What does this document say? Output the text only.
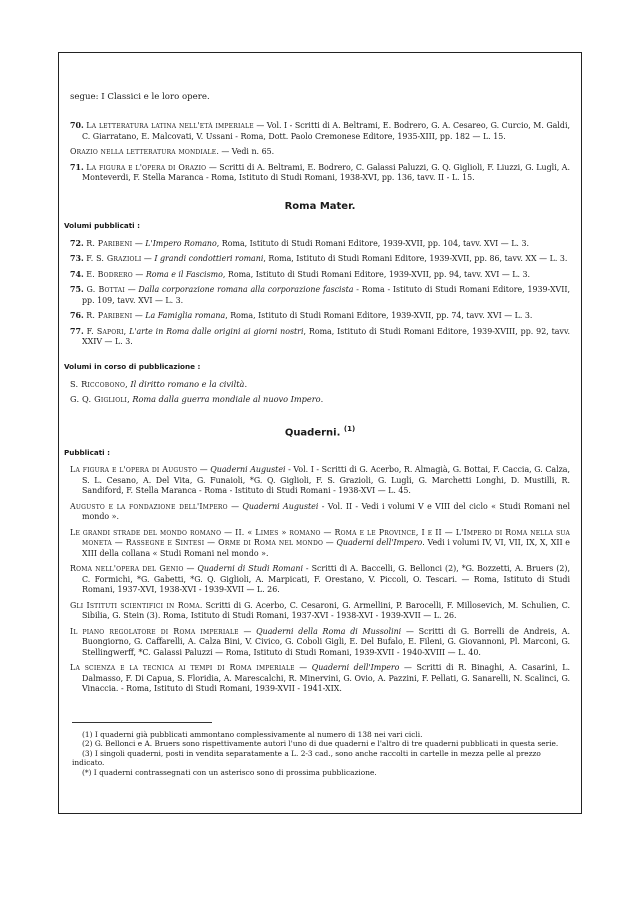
segue: I Classici e le loro opere.
70. La letteratura latina nell'età imperiale — Vol. I - Scritti di A. Beltrami, E. Bodrero, G. A. Cesareo, G. Curcio, M. Galdi, C. Giarratano, E. Malcovati, V. Ussani - Roma, Dott. Paolo Cremonese Editore, 1935-XIII, pp. 182 — L. 15.
Orazio nella letteratura mondiale. — Vedi n. 65.
71. La figura e l'opera di Orazio — Scritti di A. Beltrami, E. Bodrero, C. Galassi Paluzzi, G. Q. Giglioli, F. Liuzzi, G. Lugli, A. Monteverdi, F. Stella Maranca - Roma, Istituto di Studi Romani, 1938-XVI, pp. 136, tavv. II - L. 15.
Roma Mater.
Volumi pubblicati :
72. R. Paribeni — L'Impero Romano, Roma, Istituto di Studi Romani Editore, 1939-XVII, pp. 104, tavv. XVI — L. 3.
73. F. S. Grazioli — I grandi condottieri romani, Roma, Istituto di Studi Romani Editore, 1939-XVII, pp. 86, tavv. XX — L. 3.
74. E. Bodrero — Roma e il Fascismo, Roma, Istituto di Studi Romani Editore, 1939-XVII, pp. 94, tavv. XVI — L. 3.
75. G. Bottai — Dalla corporazione romana alla corporazione fascista - Roma - Istituto di Studi Romani Editore, 1939-XVII, pp. 109, tavv. XVI — L. 3.
76. R. Paribeni — La Famiglia romana, Roma, Istituto di Studi Romani Editore, 1939-XVII, pp. 74, tavv. XVI — L. 3.
77. F. Sapori, L'arte in Roma dalle origini ai giorni nostri, Roma, Istituto di Studi Romani Editore, 1939-XVIII, pp. 92, tavv. XXIV — L. 3.
Volumi in corso di pubblicazione :
S. Riccobono, Il diritto romano e la civiltà.
G. Q. Giglioli, Roma dalla guerra mondiale al nuovo Impero.
Quaderni. $^{(1)}$
Pubblicati :
La figura e l'opera di Augusto — Quaderni Augustei - Vol. I - Scritti di G. Acerbo, R. Almagià, G. Bottai, F. Caccia, G. Calza, S. L. Cesano, A. Del Vita, G. Funaioli, *G. Q. Giglioli, F. S. Grazioli, G. Lugli, G. Marchetti Longhi, D. Mustilli, R. Sandiford, F. Stella Maranca - Roma - Istituto di Studi Romani - 1938-XVI — L. 45.
Augusto e la fondazione dell'Impero — Quaderni Augustei - Vol. II - Vedi i volumi V e VIII del ciclo « Studi Romani nel mondo ».
Le grandi strade del mondo romano — II. « Limes » romano — Roma e le Province, I e II — L'Impero di Roma nella sua moneta — Rassegne e Sintesi — Orme di Roma nel mondo — Quaderni dell'Impero. Vedi i volumi IV, VI, VII, IX, X, XII e XIII della collana « Studi Romani nel mondo ».
Roma nell'opera del Genio — Quaderni di Studi Romani - Scritti di A. Baccelli, G. Bellonci (2), *G. Bozzetti, A. Bruers (2), C. Formichi, *G. Gabetti, *G. Q. Giglioli, A. Marpicati, F. Orestano, V. Piccoli, O. Tescari. — Roma, Istituto di Studi Romani, 1937-XVI, 1938-XVI - 1939-XVII — L. 26.
Gli Istituti scientifici in Roma. Scritti di G. Acerbo, C. Cesaroni, G. Armellini, P. Barocelli, F. Millosevich, M. Schulien, C. Sibilia, G. Stein (3). Roma, Istituto di Studi Romani, 1937-XVI - 1938-XVI - 1939-XVII — L. 26.
Il piano regolatore di Roma imperiale — Quaderni della Roma di Mussolini — Scritti di G. Borrelli de Andreis, A. Buongiorno, G. Caffarelli, A. Calza Bini, V. Civico, G. Coboli Gigli, E. Del Bufalo, E. Fileni, G. Giovannoni, Pl. Marconi, G. Stellingwerff, *C. Galassi Paluzzi — Roma, Istituto di Studi Romani, 1939-XVII - 1940-XVIII — L. 40.
La scienza e la tecnica ai tempi di Roma imperiale — Quaderni dell'Impero — Scritti di R. Binaghi, A. Casarini, L. Dalmasso, F. Di Capua, S. Floridia, A. Marescalchi, R. Minervini, G. Ovio, A. Pazzini, F. Pellati, G. Sanarelli, N. Scalinci, G. Vinaccia. - Roma, Istituto di Studi Romani, 1939-XVII - 1941-XIX.
(1) I quaderni già pubblicati ammontano complessivamente al numero di 138 nei vari cicli.
(2) G. Bellonci e A. Bruers sono rispettivamente autori l'uno di due quaderni e l'altro di tre quaderni pubblicati in questa serie.
(3) I singoli quaderni, posti in vendita separatamente a L. 2-3 cad., sono anche raccolti in cartelle in mezza pelle al prezzo indicato.
(*) I quaderni contrassegnati con un asterisco sono di prossima pubblicazione.
